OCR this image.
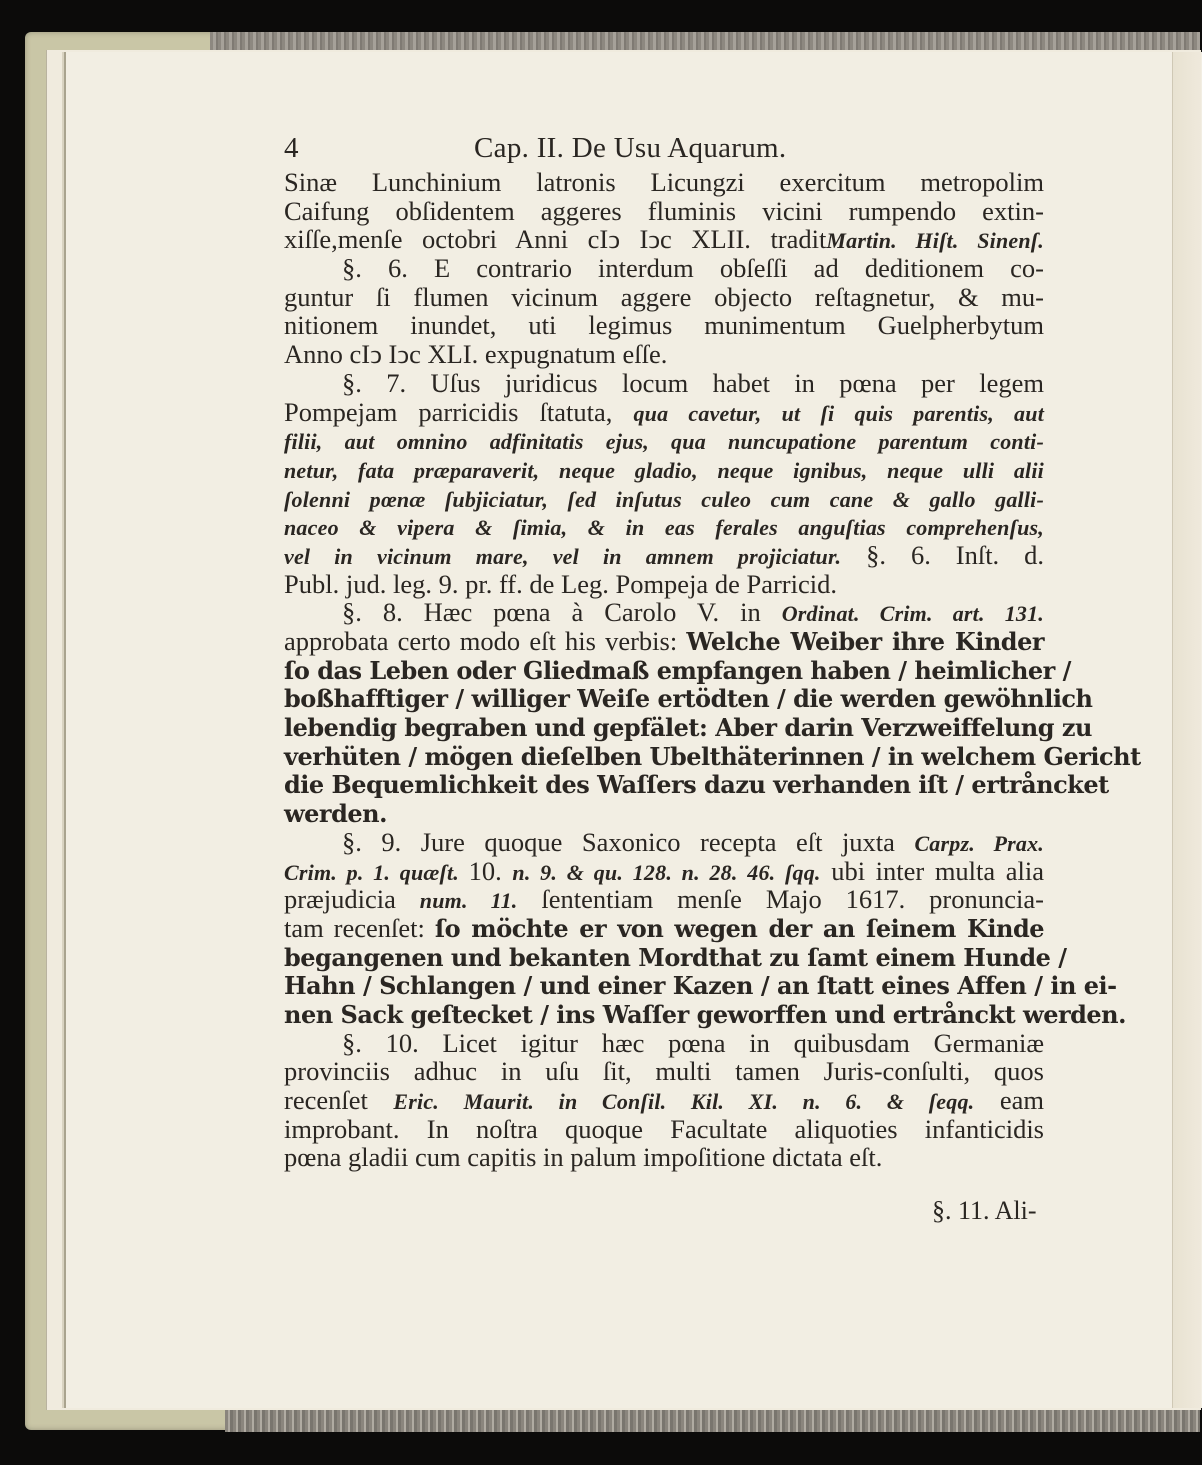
4	Cap. II. De Usu Aquarum.
Sinæ Lunchinium latronis Licungzi exercitum metropolim
Caifung obſidentem aggeres fluminis vicini rumpendo extin-
xiſſe,menſe octobri Anni cIↄ Iↄc XLII. traditMartin. Hiſt. Sinenſ.
§. 6. E contrario interdum obſeſſi ad deditionem co-
guntur ſi flumen vicinum aggere objecto reſtagnetur, & mu-
nitionem inundet, uti legimus munimentum Guelpherbytum
Anno cIↄ Iↄc XLI. expugnatum eſſe.
§. 7. Uſus juridicus locum habet in pœna per legem
Pompejam parricidis ſtatuta, qua cavetur, ut ſi quis parentis, aut
filii, aut omnino adfinitatis ejus, qua nuncupatione parentum conti-
netur, fata præparaverit, neque gladio, neque ignibus, neque ulli alii
ſolenni pœnæ ſubjiciatur, ſed inſutus culeo cum cane & gallo galli-
naceo & vipera & ſimia, & in eas ferales anguſtias comprehenſus,
vel in vicinum mare, vel in amnem projiciatur. §. 6. Inſt. d.
Publ. jud. leg. 9. pr. ff. de Leg. Pompeja de Parricid.
§. 8. Hæc pœna à Carolo V. in Ordinat. Crim. art. 131.
approbata certo modo eſt his verbis: Welche Weiber ihre Kinder
ſo das Leben oder Gliedmaß empfangen haben / heimlicher /
boßhafftiger / williger Weiſe ertödten / die werden gewöhnlich
lebendig begraben und gepfälet: Aber darin Verzweiffelung zu
verhüten / mögen dieſelben Ubelthäterinnen / in welchem Gericht
die Bequemlichkeit des Waſſers dazu verhanden iſt / ertråncket
werden.
§. 9. Jure quoque Saxonico recepta eſt juxta Carpz. Prax.
Crim. p. 1. quæſt. 10. n. 9. & qu. 128. n. 28. 46. ſqq. ubi inter multa alia
præjudicia num. 11. ſententiam menſe Majo 1617. pronuncia-
tam recenſet: ſo möchte er von wegen der an ſeinem Kinde
begangenen und bekanten Mordthat zu ſamt einem Hunde /
Hahn / Schlangen / und einer Kazen / an ſtatt eines Affen / in ei-
nen Sack geſtecket / ins Waſſer geworffen und ertrånckt werden.
§. 10. Licet igitur hæc pœna in quibusdam Germaniæ
provinciis adhuc in uſu ſit, multi tamen Juris-conſulti, quos
recenſet Eric. Maurit. in Conſil. Kil. XI. n. 6. & ſeqq. eam
improbant. In noſtra quoque Facultate aliquoties infanticidis
pœna gladii cum capitis in palum impoſitione dictata eſt.
§. 11. Ali-
